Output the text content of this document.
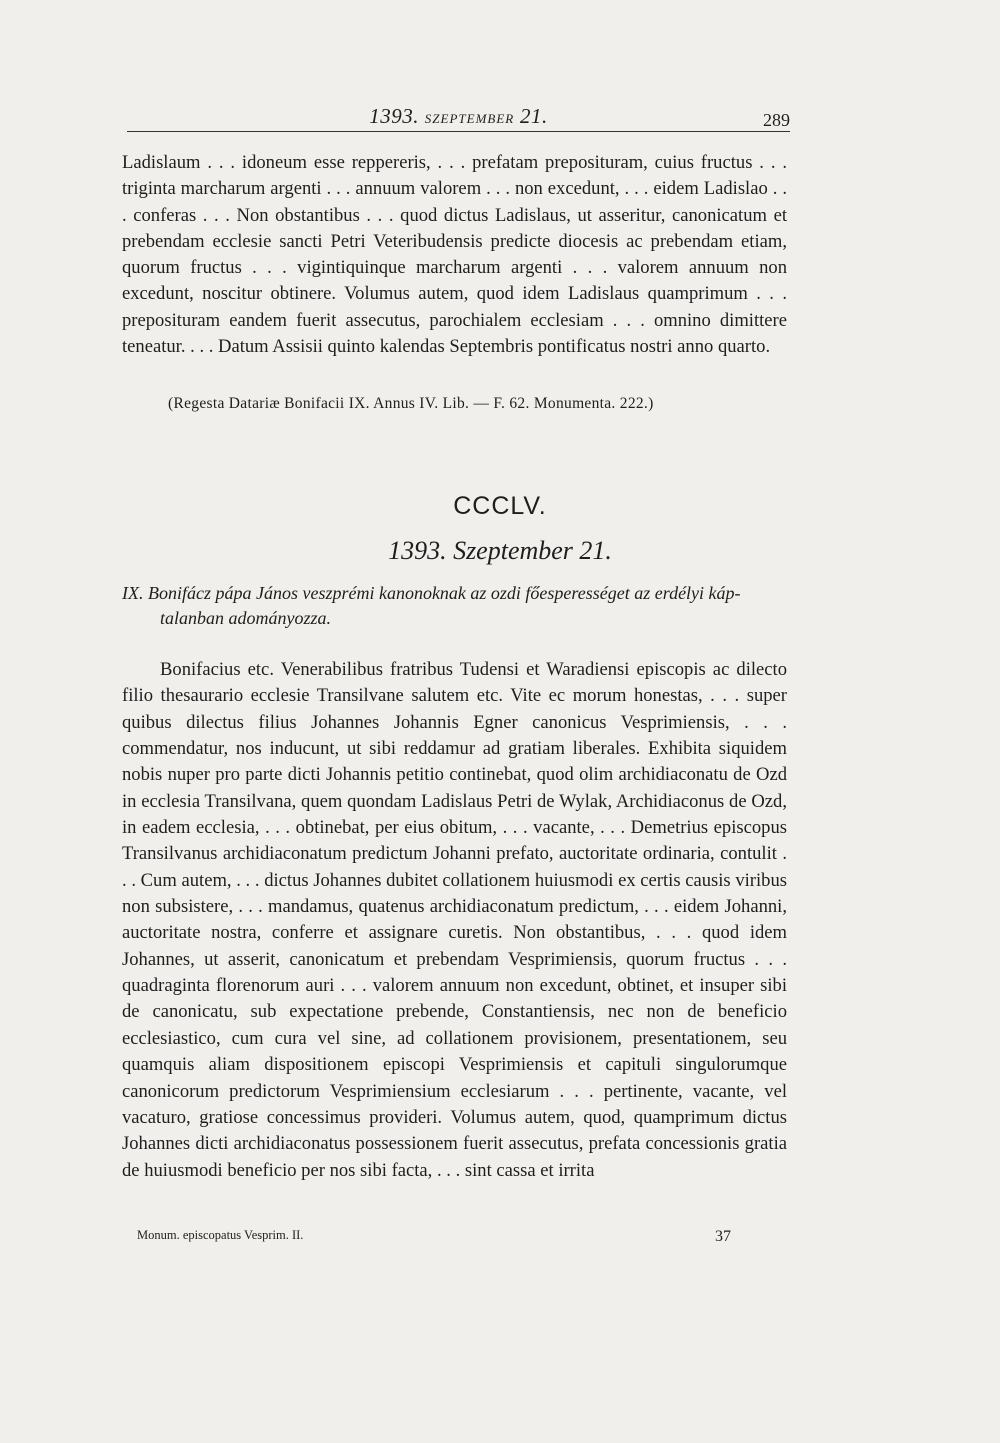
1393. SZEPTEMBER 21.	289

Ladislaum . . . idoneum esse reppereris, . . . prefatam preposituram, cuius fructus . . . triginta marcharum argenti . . . annuum valorem . . . non excedunt, . . . eidem Ladislao . . . conferas . . . Non obstantibus . . . quod dictus Ladislaus, ut asseritur, canonicatum et prebendam ecclesie sancti Petri Veteribudensis predicte diocesis ac prebendam etiam, quorum fructus . . . vigintiquinque marcharum argenti . . . valorem annuum non excedunt, noscitur obtinere. Volumus autem, quod idem Ladislaus quamprimum . . . preposituram eandem fuerit assecutus, parochialem ecclesiam . . . omnino dimittere teneatur. . . . Datum Assisii quinto kalendas Septembris pontificatus nostri anno quarto.

(Regesta Datariæ Bonifacii IX. Annus IV. Lib. — F. 62. Monumenta. 222.)
CCCLV.
1393. Szeptember 21.
IX. Bonifácz pápa János veszprémi kanonoknak az ozdi főesperességet az erdélyi káp-
talanban adományozza.

Bonifacius etc. Venerabilibus fratribus Tudensi et Waradiensi episcopis ac dilecto filio thesaurario ecclesie Transilvane salutem etc. Vite ec morum honestas, . . . super quibus dilectus filius Johannes Johannis Egner canonicus Vesprimiensis, . . . commendatur, nos inducunt, ut sibi reddamur ad gratiam liberales. Exhibita siquidem nobis nuper pro parte dicti Johannis petitio continebat, quod olim archidiaconatu de Ozd in ecclesia Transilvana, quem quondam Ladislaus Petri de Wylak, Archidiaconus de Ozd, in eadem ecclesia, . . . obtinebat, per eius obitum, . . . vacante, . . . Demetrius episcopus Transilvanus archidiaconatum predictum Johanni prefato, auctoritate ordinaria, contulit . . . Cum autem, . . . dictus Johannes dubitet collationem huiusmodi ex certis causis viribus non subsistere, . . . mandamus, quatenus archidiaconatum predictum, . . . eidem Johanni, auctoritate nostra, conferre et assignare curetis. Non obstantibus, . . . quod idem Johannes, ut asserit, canonicatum et prebendam Vesprimiensis, quorum fructus . . . quadraginta florenorum auri . . . valorem annuum non excedunt, obtinet, et insuper sibi de canonicatu, sub expectatione prebende, Constantiensis, nec non de beneficio ecclesiastico, cum cura vel sine, ad collationem provisionem, presentationem, seu quamquis aliam dispositionem episcopi Vesprimiensis et capituli singulorumque canonicorum predictorum Vesprimiensium ecclesiarum . . . pertinente, vacante, vel vacaturo, gratiose concessimus provideri. Volumus autem, quod, quamprimum dictus Johannes dicti archidiaconatus possessionem fuerit assecutus, prefata concessionis gratia de huiusmodi beneficio per nos sibi facta, . . . sint cassa et irrita

Monum. episcopatus Vesprim. II.	37
